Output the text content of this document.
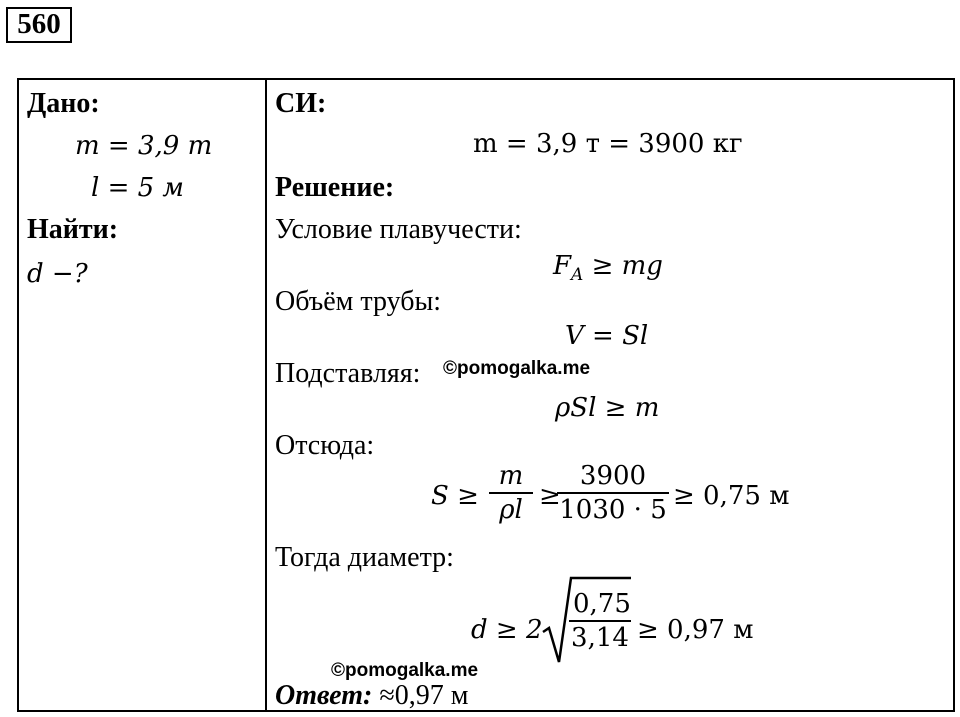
560
Дано:
m = 3,9 т
l = 5 м
Найти:
d −?
СИ:
m = 3,9 т = 3900 кг
Решение:
Условие плавучести:
$F_A$ ≥ mg
Объём трубы:
V = Sl
Подставляя:
ρSl ≥ m
Отсюда:
$S \ge \frac{m}{\rho l}$ ≥
$\frac{3900}{1030 \cdot 5} \ge 0,75$ м
Тогда диаметр:
$d \ge 2 \frac{0,75}{3,14} \ge 0,97$ м
Ответ: ≈0,97 м
©pomogalka.me
©pomogalka.me
